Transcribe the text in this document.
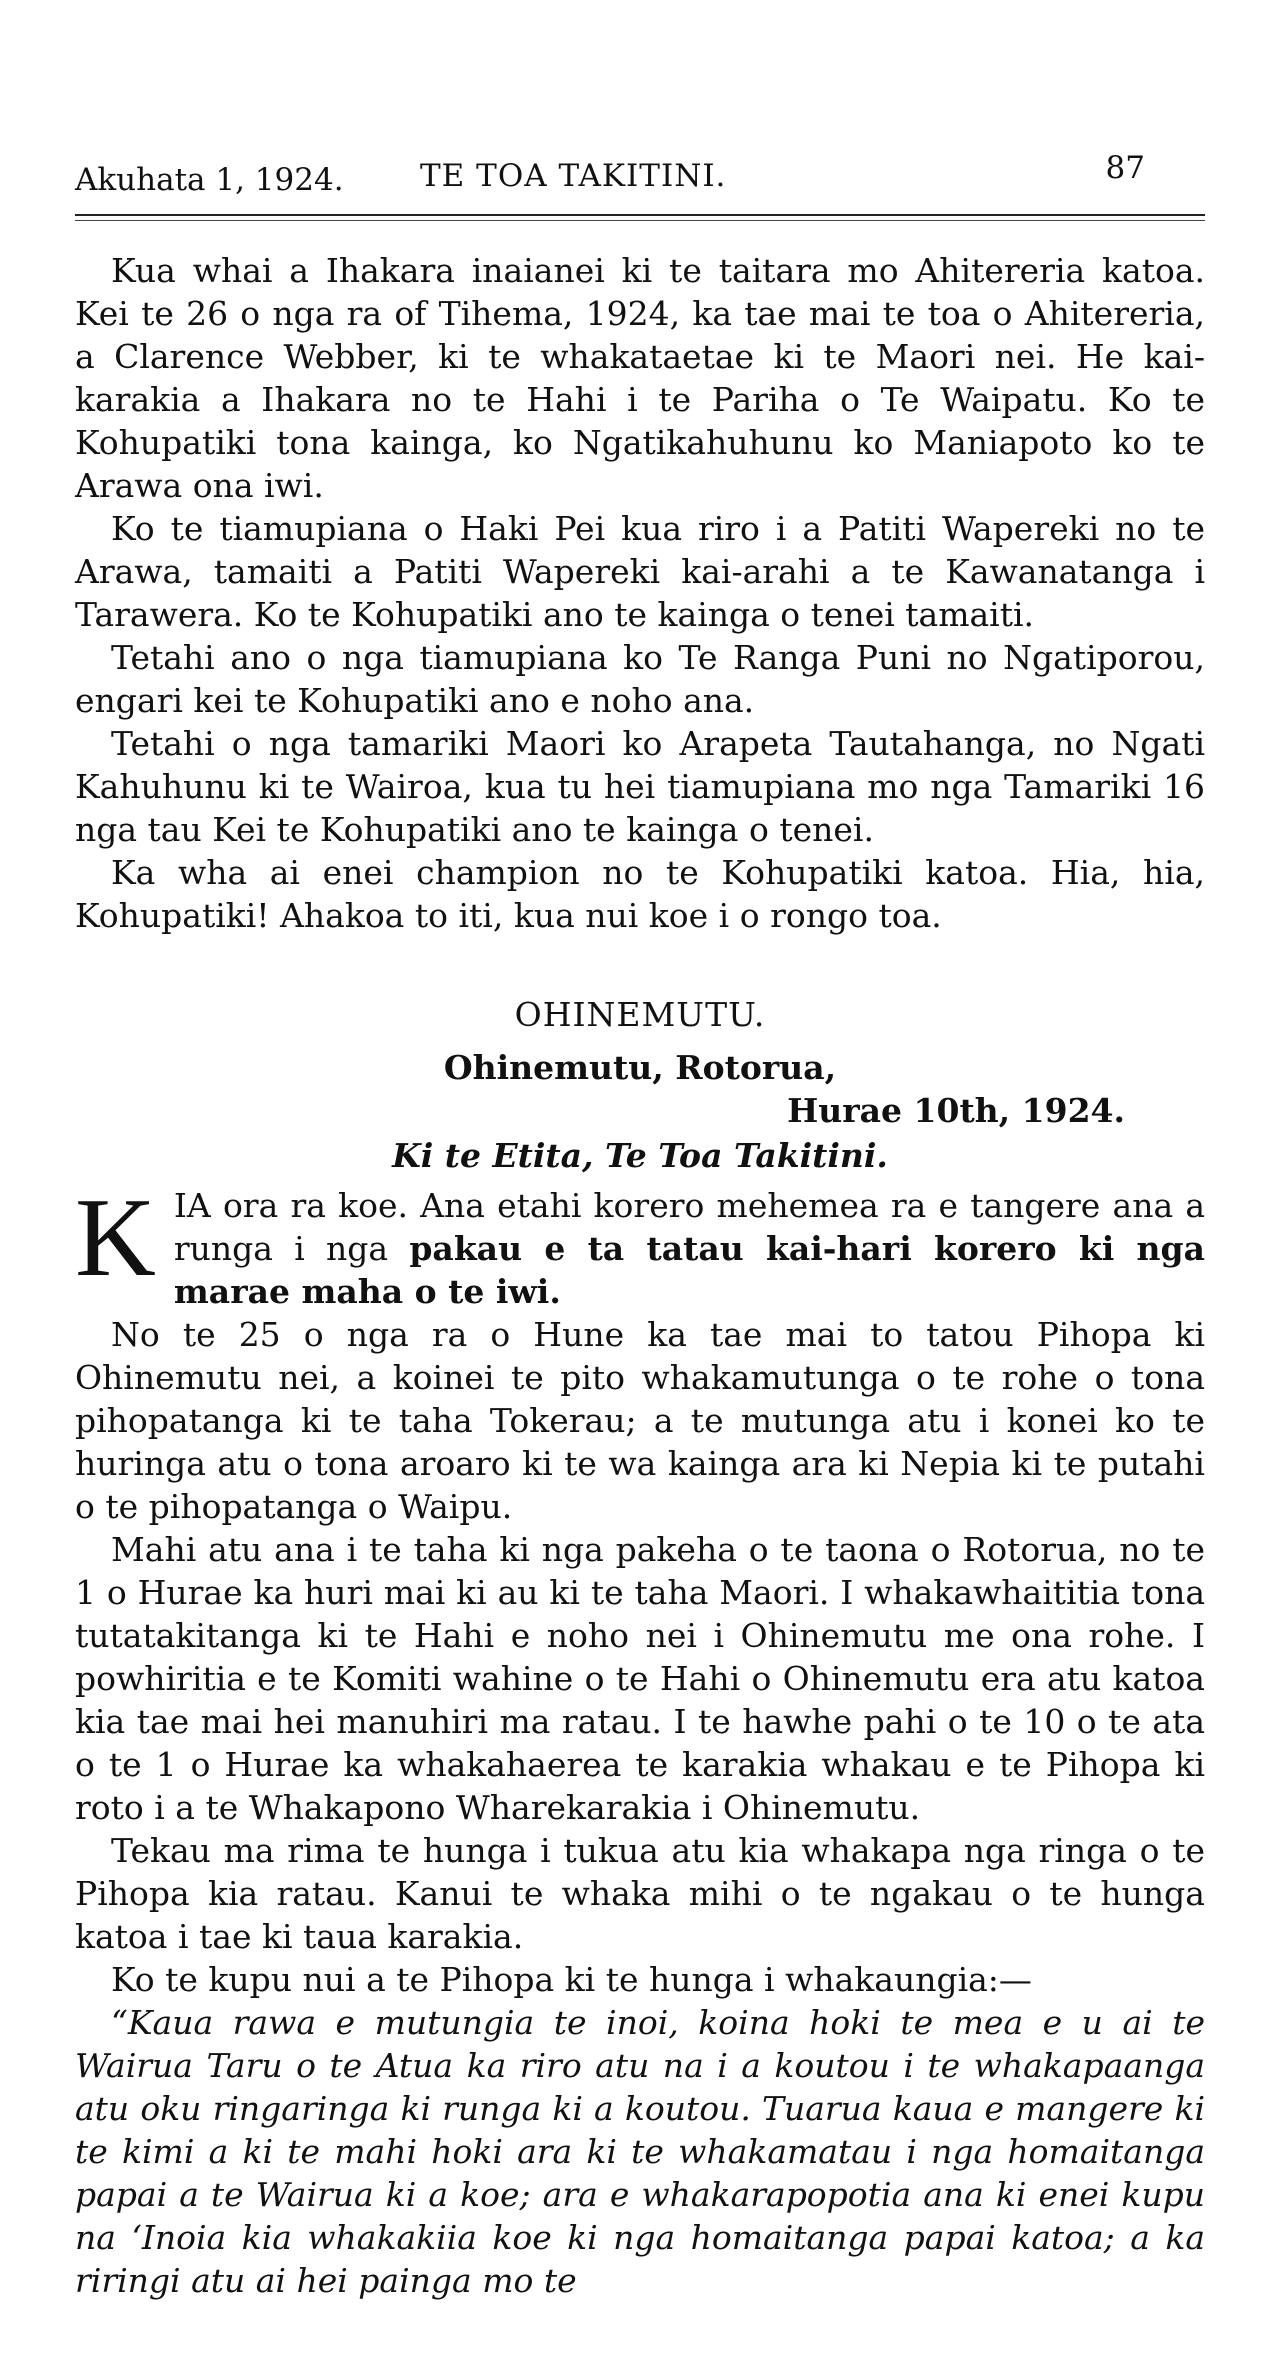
Akuhata 1, 1924. TE TOA TAKITINI.	87

Kua whai a Ihakara inaianei ki te taitara mo Ahitereria katoa. Kei te 26 o nga ra of Tihema, 1924, ka tae mai te toa o Ahitereria, a Clarence Webber, ki te whakataetae ki te Maori nei. He kai-karakia a Ihakara no te Hahi i te Pariha o Te Waipatu. Ko te Kohupatiki tona kainga, ko Ngatikahuhunu ko Maniapoto ko te Arawa ona iwi.

Ko te tiamupiana o Haki Pei kua riro i a Patiti Wapereki no te Arawa, tamaiti a Patiti Wapereki kai-arahi a te Kawanatanga i Tarawera. Ko te Kohupatiki ano te kainga o tenei tamaiti.

Tetahi ano o nga tiamupiana ko Te Ranga Puni no Ngatiporou, engari kei te Kohupatiki ano e noho ana.

Tetahi o nga tamariki Maori ko Arapeta Tautahanga, no Ngati Kahuhunu ki te Wairoa, kua tu hei tiamupiana mo nga Tamariki 16 nga tau Kei te Kohupatiki ano te kainga o tenei.

Ka wha ai enei champion no te Kohupatiki katoa. Hia, hia, Kohupatiki! Ahakoa to iti, kua nui koe i o rongo toa.

OHINEMUTU.
Ohinemutu, Rotorua,
Hurae 10th, 1924.
Ki te Etita, Te Toa Takitini.

KIA ora ra koe. Ana etahi korero mehemea ra e tangere ana a runga i nga pakau e ta tatau kai-hari korero ki nga marae maha o te iwi.

No te 25 o nga ra o Hune ka tae mai to tatou Pihopa ki Ohinemutu nei, a koinei te pito whakamutunga o te rohe o tona pihopatanga ki te taha Tokerau; a te mutunga atu i konei ko te huringa atu o tona aroaro ki te wa kainga ara ki Nepia ki te putahi o te pihopatanga o Waipu.

Mahi atu ana i te taha ki nga pakeha o te taona o Rotorua, no te 1 o Hurae ka huri mai ki au ki te taha Maori. I whakawhaititia tona tutatakitanga ki te Hahi e noho nei i Ohinemutu me ona rohe. I powhiritia e te Komiti wahine o te Hahi o Ohinemutu era atu katoa kia tae mai hei manuhiri ma ratau. I te hawhe pahi o te 10 o te ata o te 1 o Hurae ka whakahaerea te karakia whakau e te Pihopa ki roto i a te Whakapono Wharekarakia i Ohinemutu.

Tekau ma rima te hunga i tukua atu kia whakapa nga ringa o te Pihopa kia ratau. Kanui te whaka mihi o te ngakau o te hunga katoa i tae ki taua karakia.

Ko te kupu nui a te Pihopa ki te hunga i whakaungia:—

“Kaua rawa e mutungia te inoi, koina hoki te mea e u ai te Wairua Taru o te Atua ka riro atu na i a koutou i te whakapaanga atu oku ringaringa ki runga ki a koutou. Tuarua kaua e mangere ki te kimi a ki te mahi hoki ara ki te whakamatau i nga homaitanga papai a te Wairua ki a koe; ara e whakarapopotia ana ki enei kupu na ‘Inoia kia whakakiia koe ki nga homaitanga papai katoa; a ka riringi atu ai hei painga mo te
